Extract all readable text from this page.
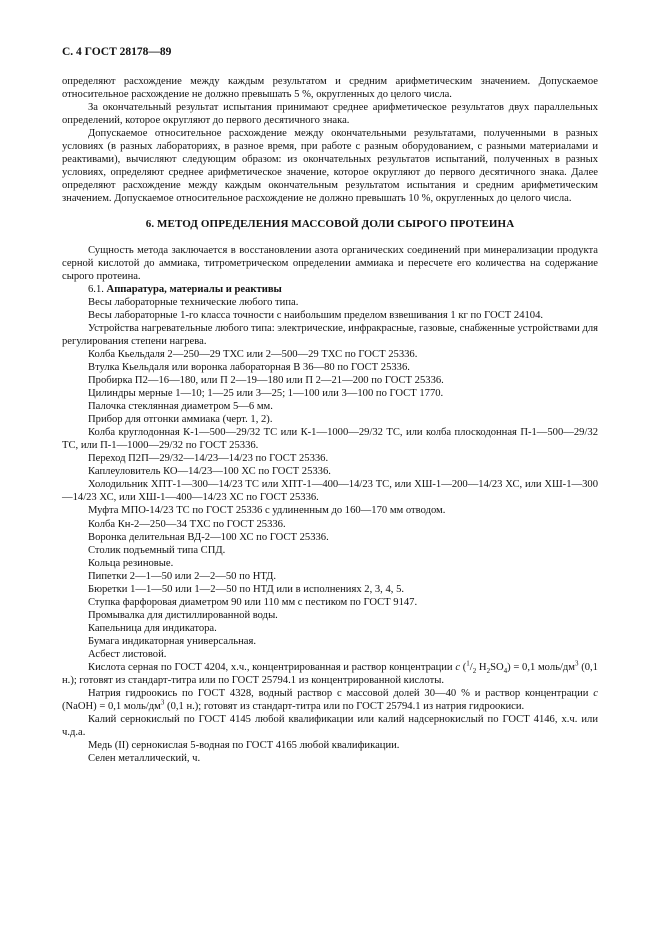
С. 4 ГОСТ 28178—89

определяют расхождение между каждым результатом и средним арифметическим значением. Допускаемое относительное расхождение не должно превышать 5 %, округленных до целого числа.

За окончательный результат испытания принимают среднее арифметическое результатов двух параллельных определений, которое округляют до первого десятичного знака.

Допускаемое относительное расхождение между окончательными результатами, полученными в разных условиях (в разных лабораториях, в разное время, при работе с разным оборудованием, с разными материалами и реактивами), вычисляют следующим образом: из окончательных результатов испытаний, полученных в разных условиях, определяют среднее арифметическое значение, которое округляют до первого десятичного знака. Далее определяют расхождение между каждым окончательным результатом испытания и средним арифметическим значением. Допускаемое относительное расхождение не должно превышать 10 %, округленных до целого числа.

6. МЕТОД ОПРЕДЕЛЕНИЯ МАССОВОЙ ДОЛИ СЫРОГО ПРОТЕИНА

Сущность метода заключается в восстановлении азота органических соединений при минерализации продукта серной кислотой до аммиака, титрометрическом определении аммиака и пересчете его количества на содержание сырого протеина.

6.1. Аппаратура, материалы и реактивы

Весы лабораторные технические любого типа.

Весы лабораторные 1-го класса точности с наибольшим пределом взвешивания 1 кг по ГОСТ 24104.

Устройства нагревательные любого типа: электрические, инфракрасные, газовые, снабженные устройствами для регулирования степени нагрева.

Колба Кьельдаля 2—250—29 ТХС или 2—500—29 ТХС по ГОСТ 25336.

Втулка Кьельдаля или воронка лабораторная В 36—80 по ГОСТ 25336.

Пробирка П2—16—180, или П 2—19—180 или П 2—21—200 по ГОСТ 25336.

Цилиндры мерные 1—10; 1—25 или 3—25; 1—100 или 3—100 по ГОСТ 1770.

Палочка стеклянная диаметром 5—6 мм.

Прибор для отгонки аммиака (черт. 1, 2).

Колба круглодонная К-1—500—29/32 ТС или К-1—1000—29/32 ТС, или колба плоскодонная П-1—500—29/32 ТС, или П-1—1000—29/32 по ГОСТ 25336.

Переход П2П—29/32—14/23—14/23 по ГОСТ 25336.

Каплеуловитель КО—14/23—100 ХС по ГОСТ 25336.

Холодильник ХПТ-1—300—14/23 ТС или ХПТ-1—400—14/23 ТС, или ХШ-1—200—14/23 ХС, или ХШ-1—300—14/23 ХС, или ХШ-1—400—14/23 ХС по ГОСТ 25336.

Муфта МПО-14/23 ТС по ГОСТ 25336 с удлиненным до 160—170 мм отводом.

Колба Кн-2—250—34 ТХС по ГОСТ 25336.

Воронка делительная ВД-2—100 ХС по ГОСТ 25336.

Столик подъемный типа СПД.

Кольца резиновые.

Пипетки 2—1—50 или 2—2—50 по НТД.

Бюретки 1—1—50 или 1—2—50 по НТД или в исполнениях 2, 3, 4, 5.

Ступка фарфоровая диаметром 90 или 110 мм с пестиком по ГОСТ 9147.

Промывалка для дистиллированной воды.

Капельница для индикатора.

Бумага индикаторная универсальная.

Асбест листовой.

Кислота серная по ГОСТ 4204, х.ч., концентрированная и раствор концентрации c ($^1/_2$ $H_2SO_4) = 0,1$ моль/$дм^3$ (0,1 н.); готовят из стандарт-титра или по ГОСТ 25794.1 из концентрированной кислоты.

Натрия гидроокись по ГОСТ 4328, водный раствор с массовой долей 30—40 % и раствор концентрации c (NaOH) = 0,1 моль/$дм^3$ (0,1 н.); готовят из стандарт-титра или по ГОСТ 25794.1 из натрия гидроокиси.

Калий сернокислый по ГОСТ 4145 любой квалификации или калий надсернокислый по ГОСТ 4146, х.ч. или ч.д.а.

Медь (II) сернокислая 5-водная по ГОСТ 4165 любой квалификации.

Селен металлический, ч.
